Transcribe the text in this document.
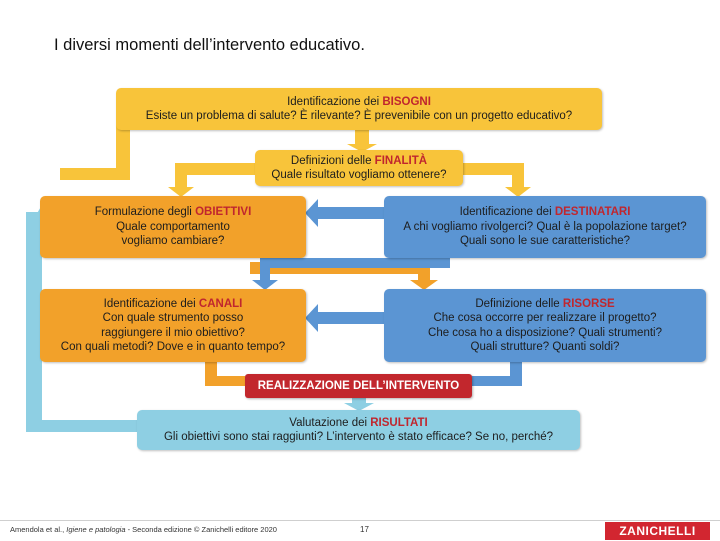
I diversi momenti dell’intervento educativo.
Identificazione dei BISOGNI
Esiste un problema di salute? È rilevante? È prevenibile con un progetto educativo?
Definizioni delle FINALITÀ
Quale risultato vogliamo ottenere?
Formulazione degli OBIETTIVI
Quale comportamento
vogliamo cambiare?
Identificazione dei DESTINATARI
A chi vogliamo rivolgerci? Qual è la popolazione target?
Quali sono le sue caratteristiche?
Identificazione dei CANALI
Con quale strumento posso
raggiungere il mio obiettivo?
Con quali metodi? Dove e in quanto tempo?
Definizione delle RISORSE
Che cosa occorre per realizzare il progetto?
Che cosa ho a disposizione? Quali strumenti?
Quali strutture? Quanti soldi?
REALIZZAZIONE DELL’INTERVENTO
Valutazione dei RISULTATI
Gli obiettivi sono stai raggiunti? L’intervento è stato efficace? Se no, perché?
Amendola et al., Igiene e patologia - Seconda edizione © Zanichelli editore 2020	17	ZANICHELLI
